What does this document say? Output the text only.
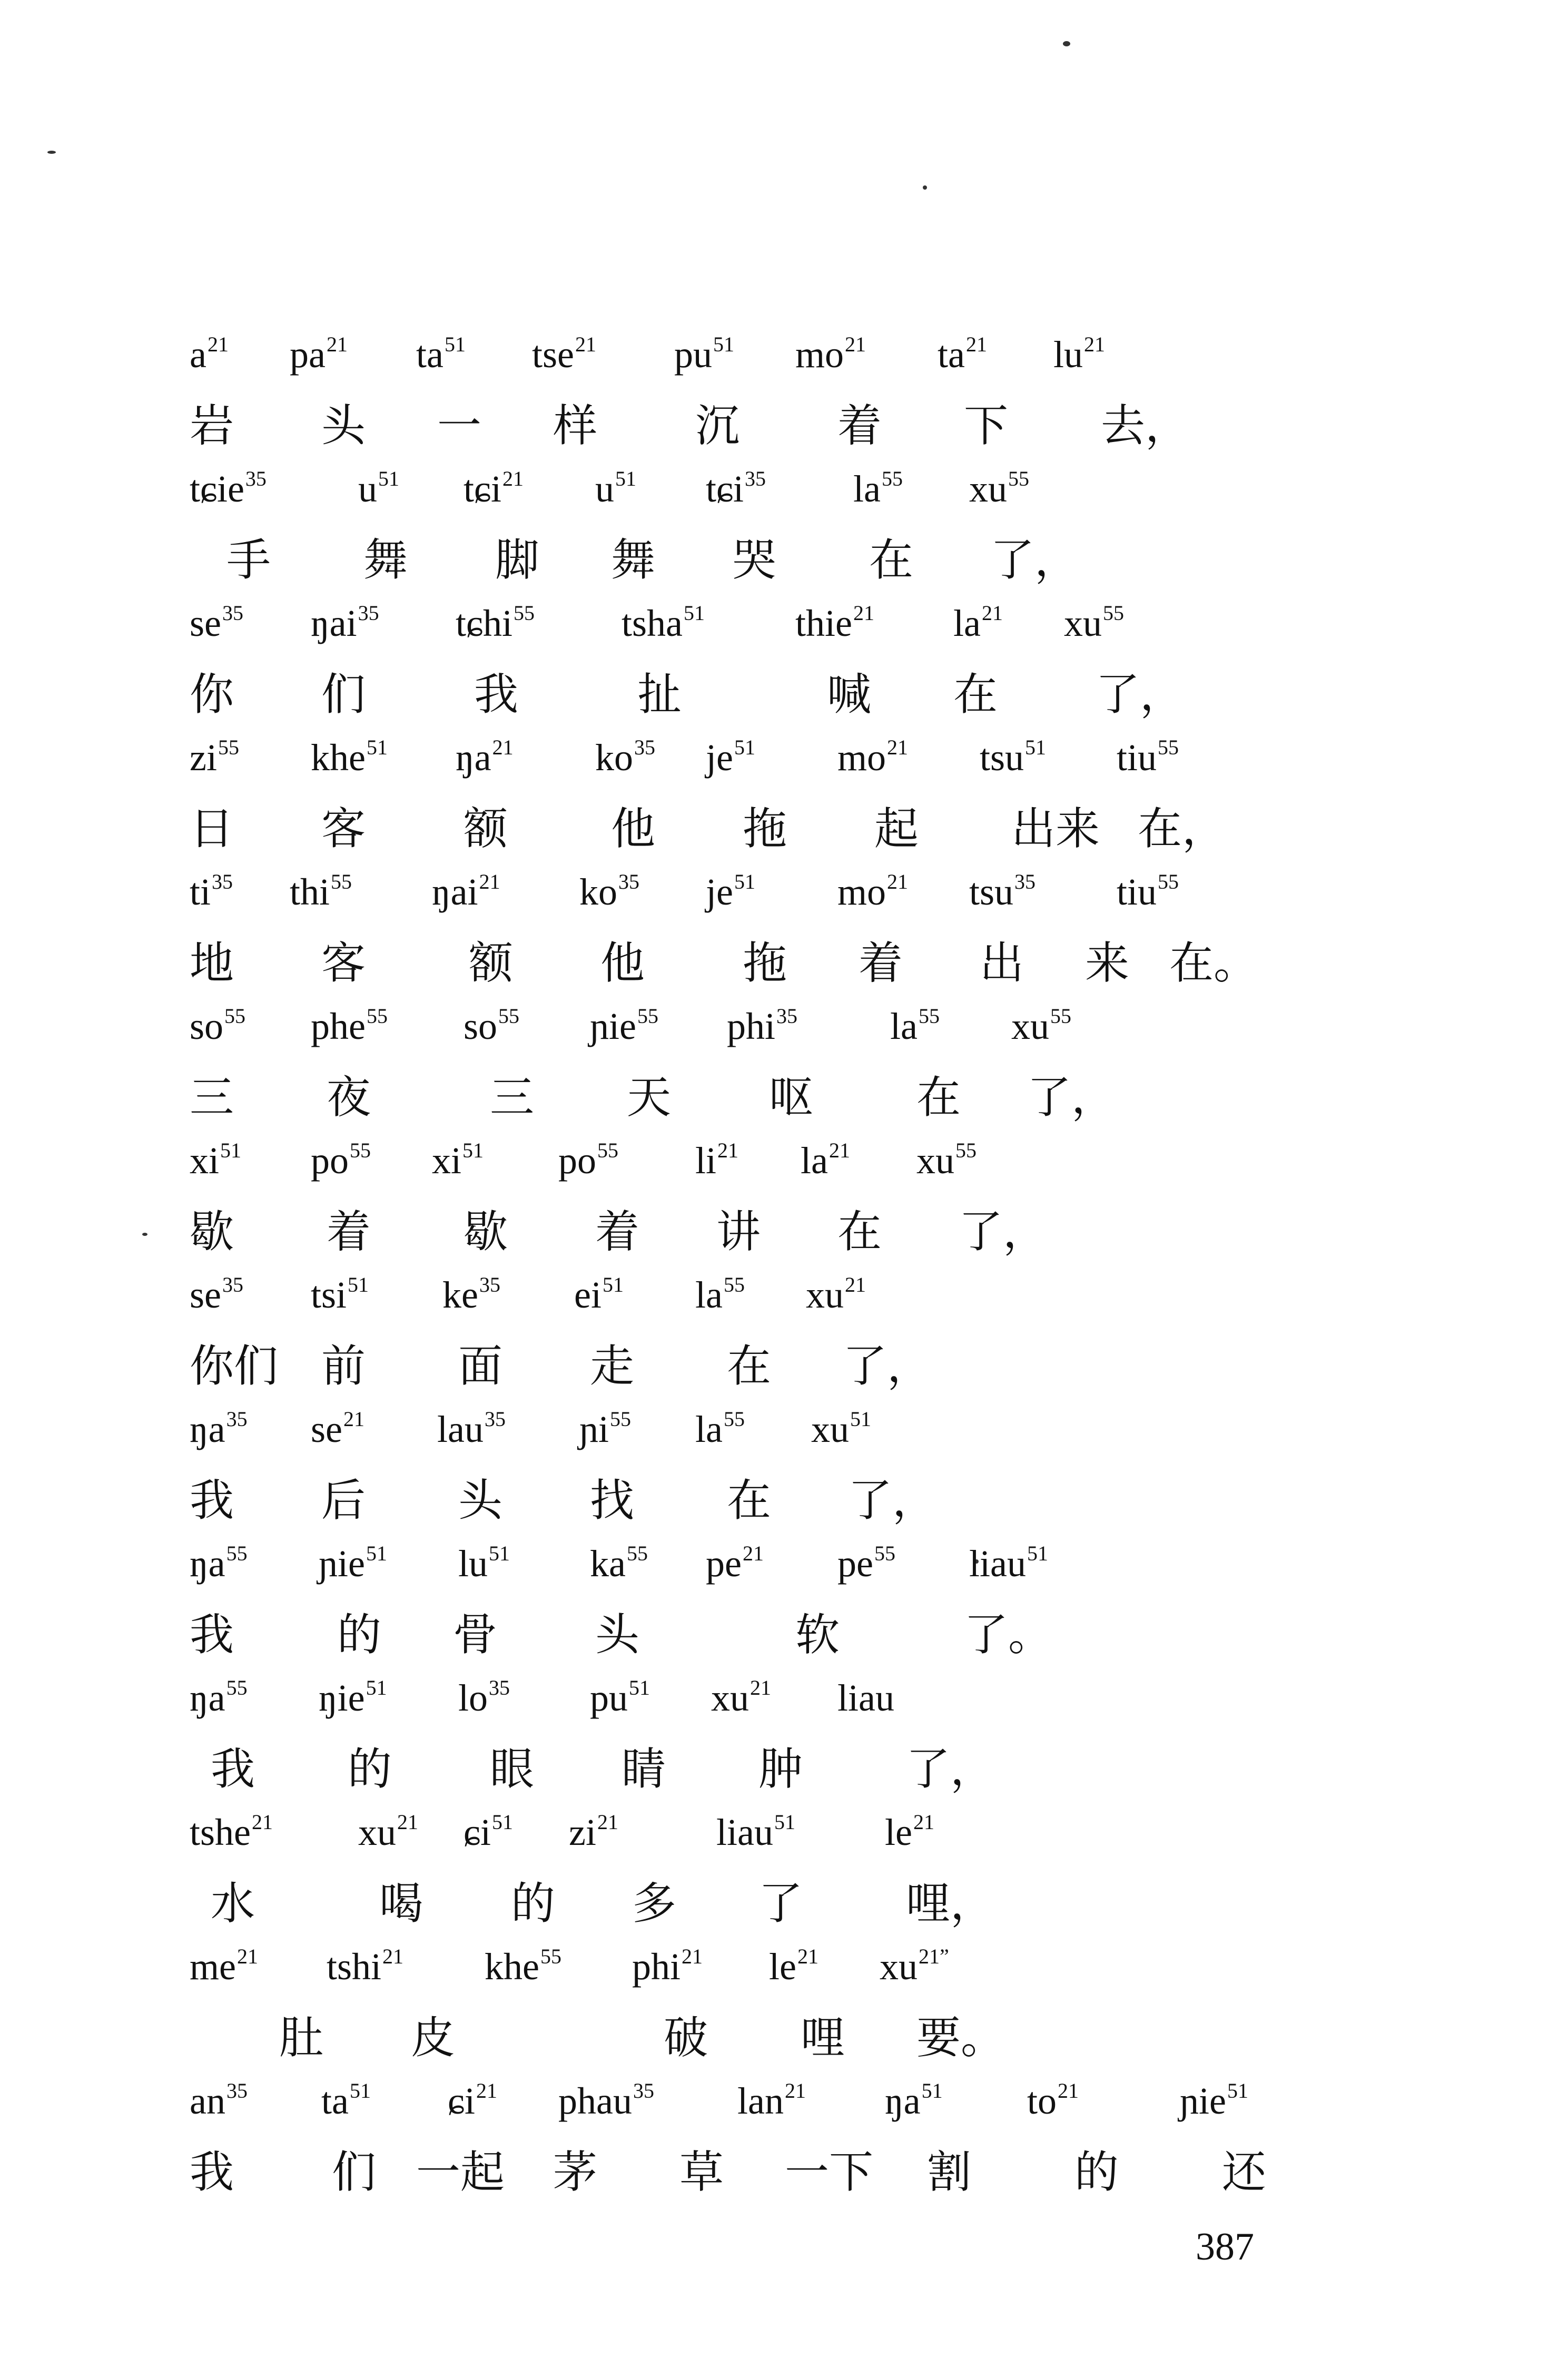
$a^{21}$ $pa^{21}$ $ta^{51}$ tse$^{21}$ $pu^{51}$ $mo^{21}$ $ta^{21}$ $lu^{21}$
岩 头 一 样 沉 着 下 去，
tɕie$^{35}$ $u^{51}$ tɕi$^{21}$ $u^{51}$ tɕi$^{35}$ $la^{55}$ $xu^{55}$
手 舞 脚 舞 哭 在 了，
$se^{35}$ ŋai$^{35}$ tɕhi$^{55}$ tsha$^{51}$ thie$^{21}$ $la^{21}$ $xu^{55}$
你 们 我	扯	喊 在 了，
$zi^{55}$ khe$^{51}$ $ŋa^{21}$ $ko^{35}$ $je^{51}$ $mo^{21}$ tsu$^{51}$ tiu$^{55}$
日 客 额 他 拖 起 出来 在，
$ti^{35}$ thi$^{55}$ ŋai$^{21}$ $ko^{35}$ $je^{51}$ $mo^{21}$ tsu$^{35}$ tiu$^{55}$
地 客 额 他 拖 着 出 来 在。
$so^{55}$ phe$^{55}$ $so^{55}$ ɲie$^{55}$ phi$^{35}$ $la^{55}$ $xu^{55}$
三 夜	三 天 呕 在 了，
$xi^{51}$ $po^{55}$ $xi^{51}$ $po^{55}$ $li^{21}$ $la^{21}$ $xu^{55}$
歇 着 歇 着 讲 在 了，
$se^{35}$ tsi$^{51}$ $ke^{35}$ $ei^{51}$ $la^{55}$ $xu^{21}$
你们 前 面 走 在 了，
$ŋa^{35}$ $se^{21}$ lau$^{35}$ ɲi$^{55}$ $la^{55}$ $xu^{51}$
我 后 头 找 在 了，
$ŋa^{55}$ ɲie$^{51}$ $lu^{51}$ $ka^{55}$ $pe^{21}$ $pe^{55}$ liau$^{51}$
我 的 骨 头	软	了。
$ŋa^{55}$ ŋie$^{51}$ $lo^{35}$ $pu^{51}$ $xu^{21}$ liau
我 的 眼 睛 肿 了，
tshe$^{21}$ $xu^{21}$ ɕi$^{51}$ $zi^{21}$	liau$^{51}$ $le^{21}$
水	喝 的 多 了 哩，
$me^{21}$ tshi$^{21}$ khe$^{55}$ phi$^{21}$ $le^{21}$ $xu^{21”}$
肚 皮	破 哩 要。
$an^{35}$ $ta^{51}$ ɕi$^{21}$ phau$^{35}$ lan$^{21}$ $ŋa^{51}$ $to^{21}$	ɲie$^{51}$
我 们 一起 茅 草 一下 割 的 还
387
